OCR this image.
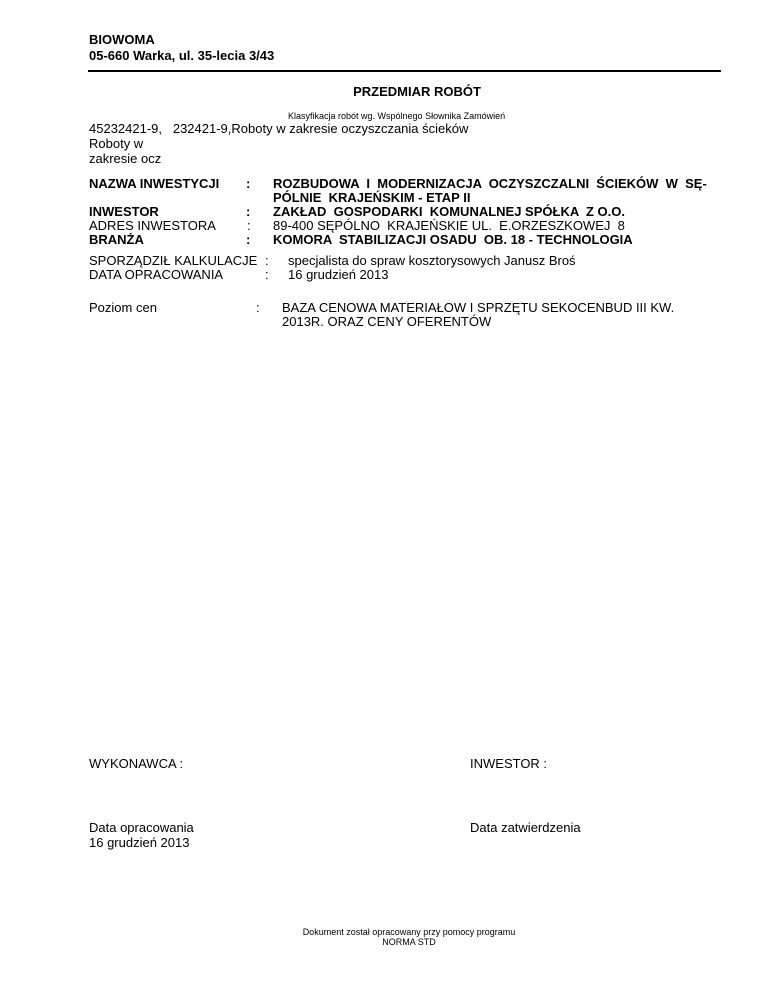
BIOWOMA
05-660 Warka, ul. 35-lecia 3/43
PRZEDMIAR ROBÓT
Klasyfikacja robót wg. Wspólnego Słownika Zamówień
45232421-9,   232421-9,Roboty w zakresie oczyszczania ścieków
Roboty w
zakresie ocz
NAZWA INWESTYCJI : ROZBUDOWA  I  MODERNIZACJA  OCZYSZCZALNI  ŚCIEKÓW  W  SĘ-
PÓLNIE  KRAJEŃSKIM - ETAP II
INWESTOR	: ZAKŁAD  GOSPODARKI  KOMUNALNEJ SPÓŁKA  Z O.O.
ADRES INWESTORA : 89-400 SĘPÓLNO  KRAJEŃSKIE UL.  E.ORZESZKOWEJ  8
BRANŻA	: KOMORA  STABILIZACJI OSADU  OB. 18 - TECHNOLOGIA
SPORZĄDZIŁ KALKULACJE : specjalista do spraw kosztorysowych Janusz Broś
DATA OPRACOWANIA	: 16 grudzień 2013
Poziom cen	: BAZA CENOWA MATERIAŁOW I SPRZĘTU SEKOCENBUD III KW.
2013R. ORAZ CENY OFERENTÓW
WYKONAWCA :	INWESTOR :
Data opracowania
16 grudzień 2013
Data zatwierdzenia
Dokument został opracowany przy pomocy programu
NORMA STD
